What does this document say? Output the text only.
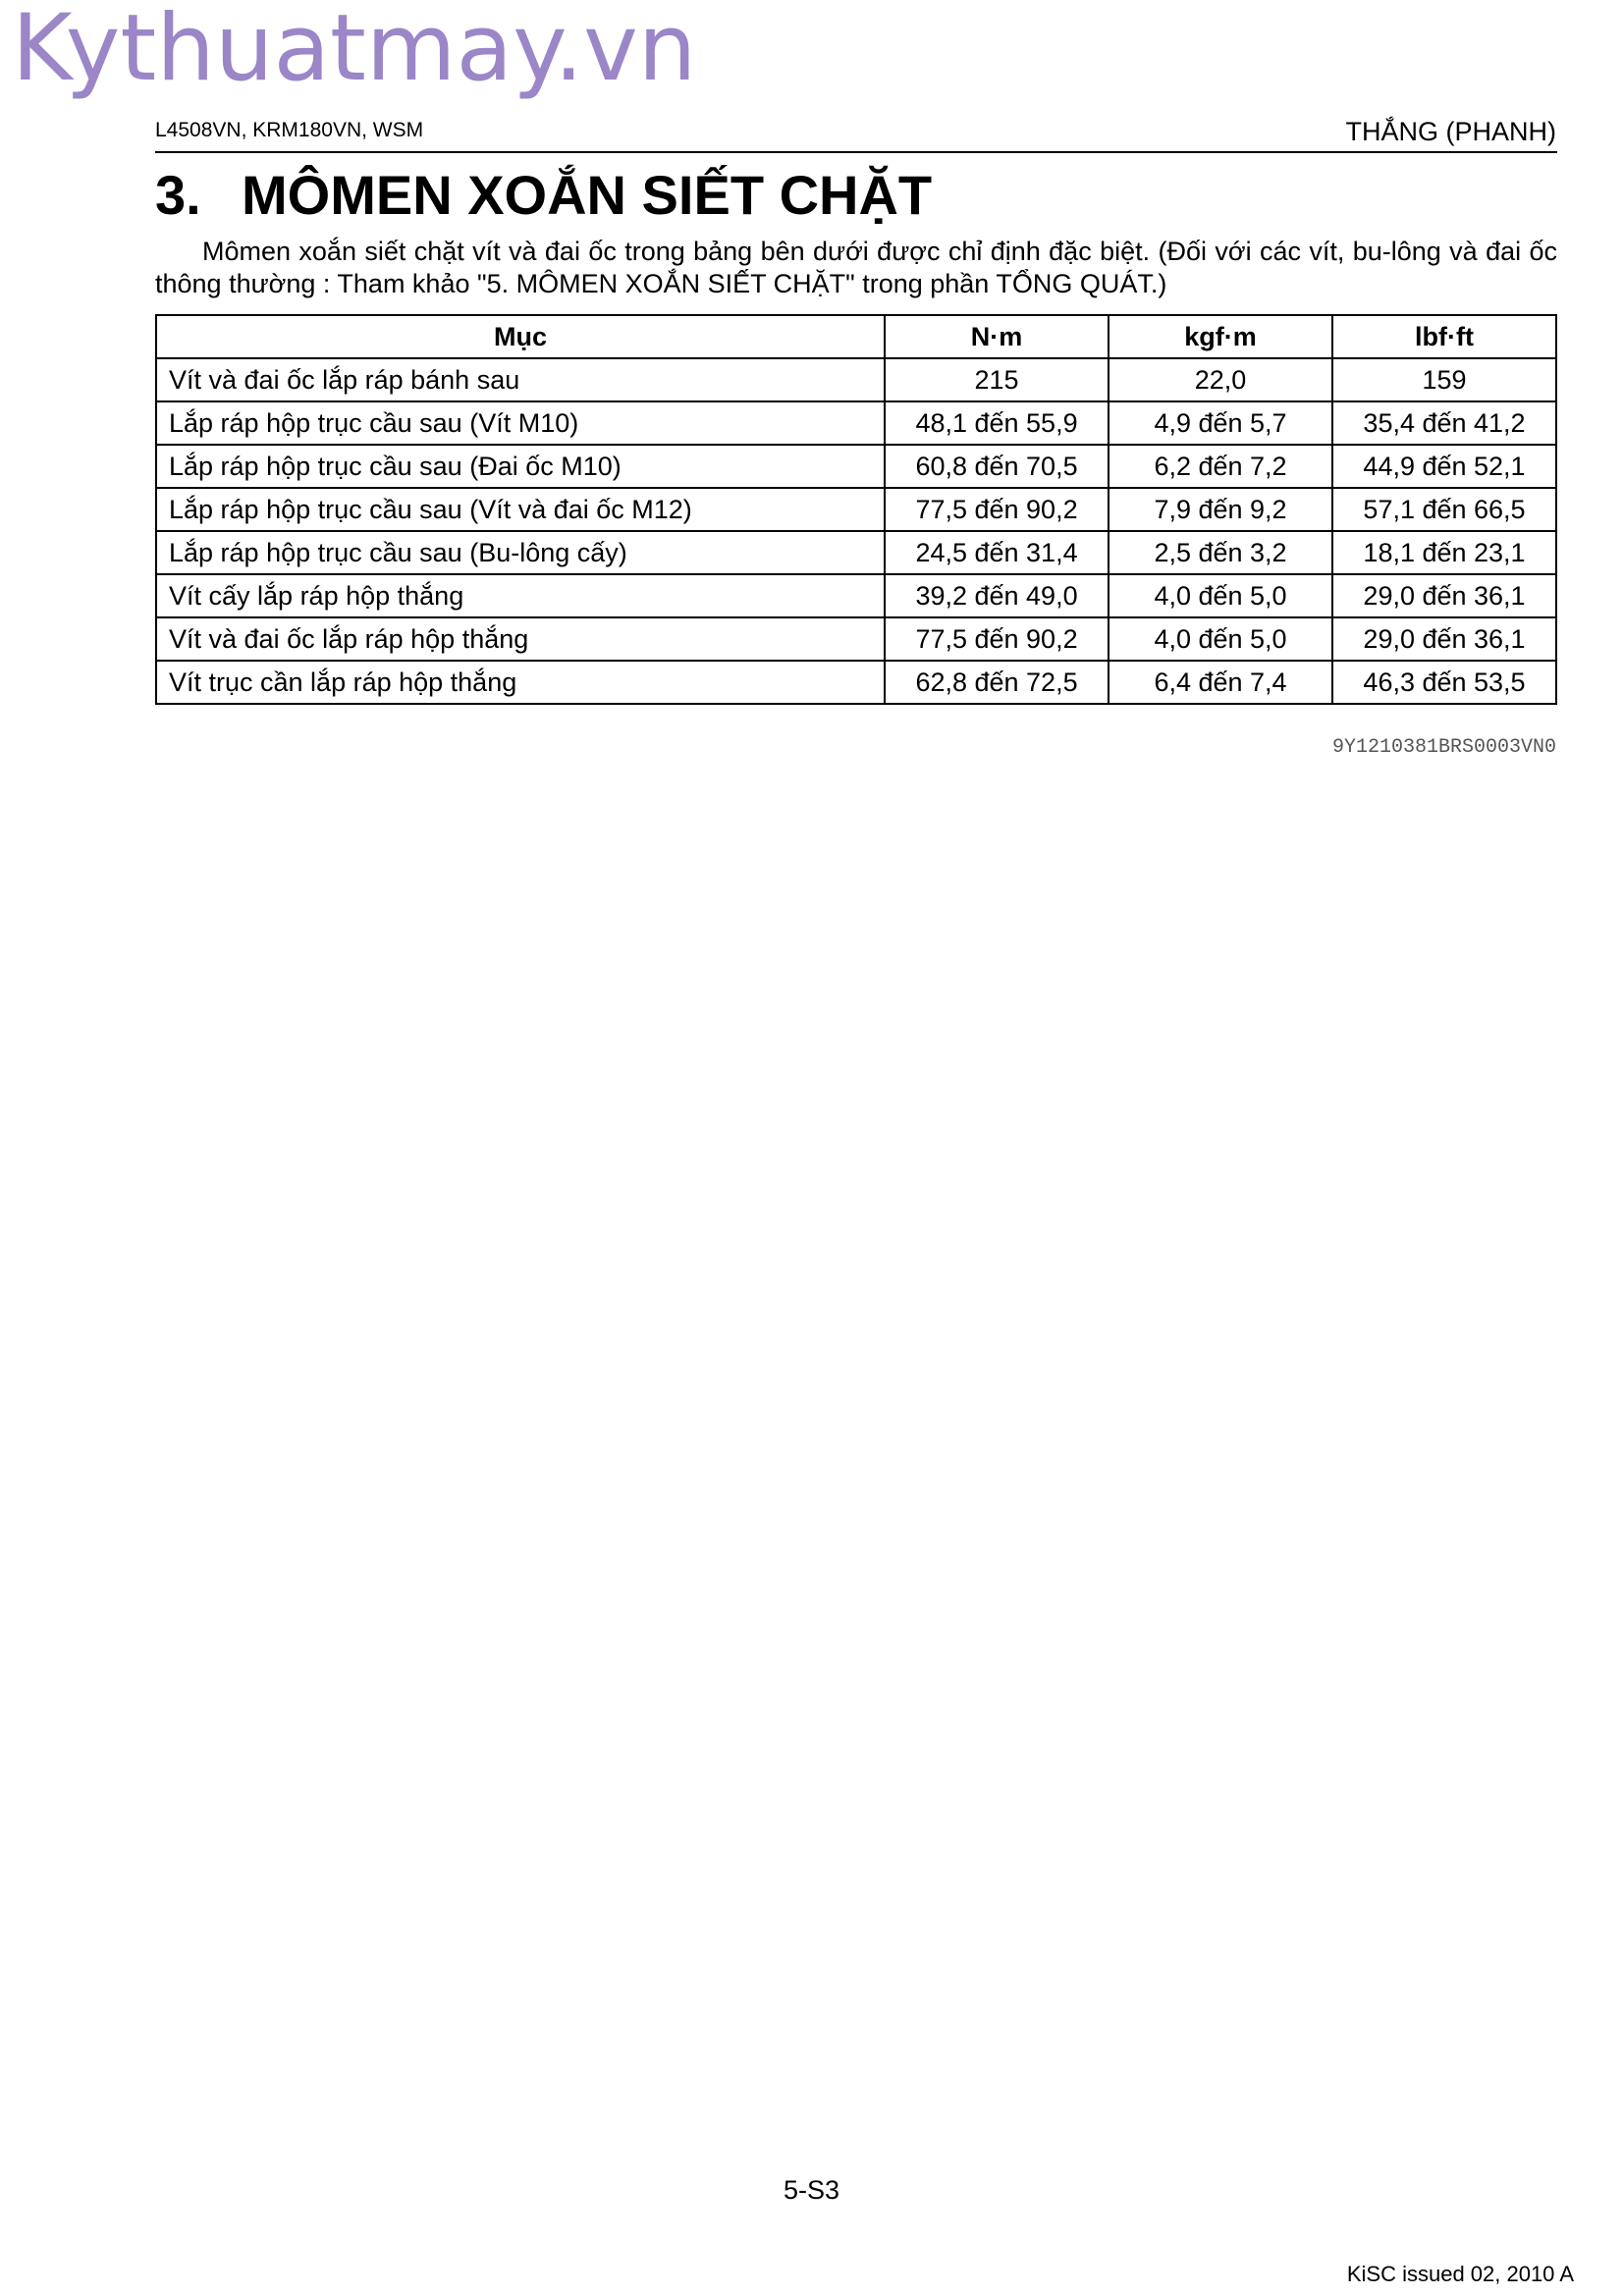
Kythuatmay.vn
L4508VN, KRM180VN, WSM	THẮNG (PHANH)
3. MÔMEN XOẮN SIẾT CHẶT

Mômen xoắn siết chặt vít và đai ốc trong bảng bên dưới được chỉ định đặc biệt. (Đối với các vít, bu-lông và đai ốc thông thường : Tham khảo "5. MÔMEN XOẮN SIẾT CHẶT" trong phần TỔNG QUÁT.)

Mục	N·m	kgf·m	lbf·ft
Vít và đai ốc lắp ráp bánh sau	215	22,0	159
Lắp ráp hộp trục cầu sau (Vít M10)	48,1 đến 55,9	4,9 đến 5,7	35,4 đến 41,2
Lắp ráp hộp trục cầu sau (Đai ốc M10)	60,8 đến 70,5	6,2 đến 7,2	44,9 đến 52,1
Lắp ráp hộp trục cầu sau (Vít và đai ốc M12)	77,5 đến 90,2	7,9 đến 9,2	57,1 đến 66,5
Lắp ráp hộp trục cầu sau (Bu-lông cấy)	24,5 đến 31,4	2,5 đến 3,2	18,1 đến 23,1
Vít cấy lắp ráp hộp thắng	39,2 đến 49,0	4,0 đến 5,0	29,0 đến 36,1
Vít và đai ốc lắp ráp hộp thắng	77,5 đến 90,2	4,0 đến 5,0	29,0 đến 36,1
Vít trục cần lắp ráp hộp thắng	62,8 đến 72,5	6,4 đến 7,4	46,3 đến 53,5
9Y1210381BRS0003VN0
5-S3
KiSC issued 02, 2010 A
